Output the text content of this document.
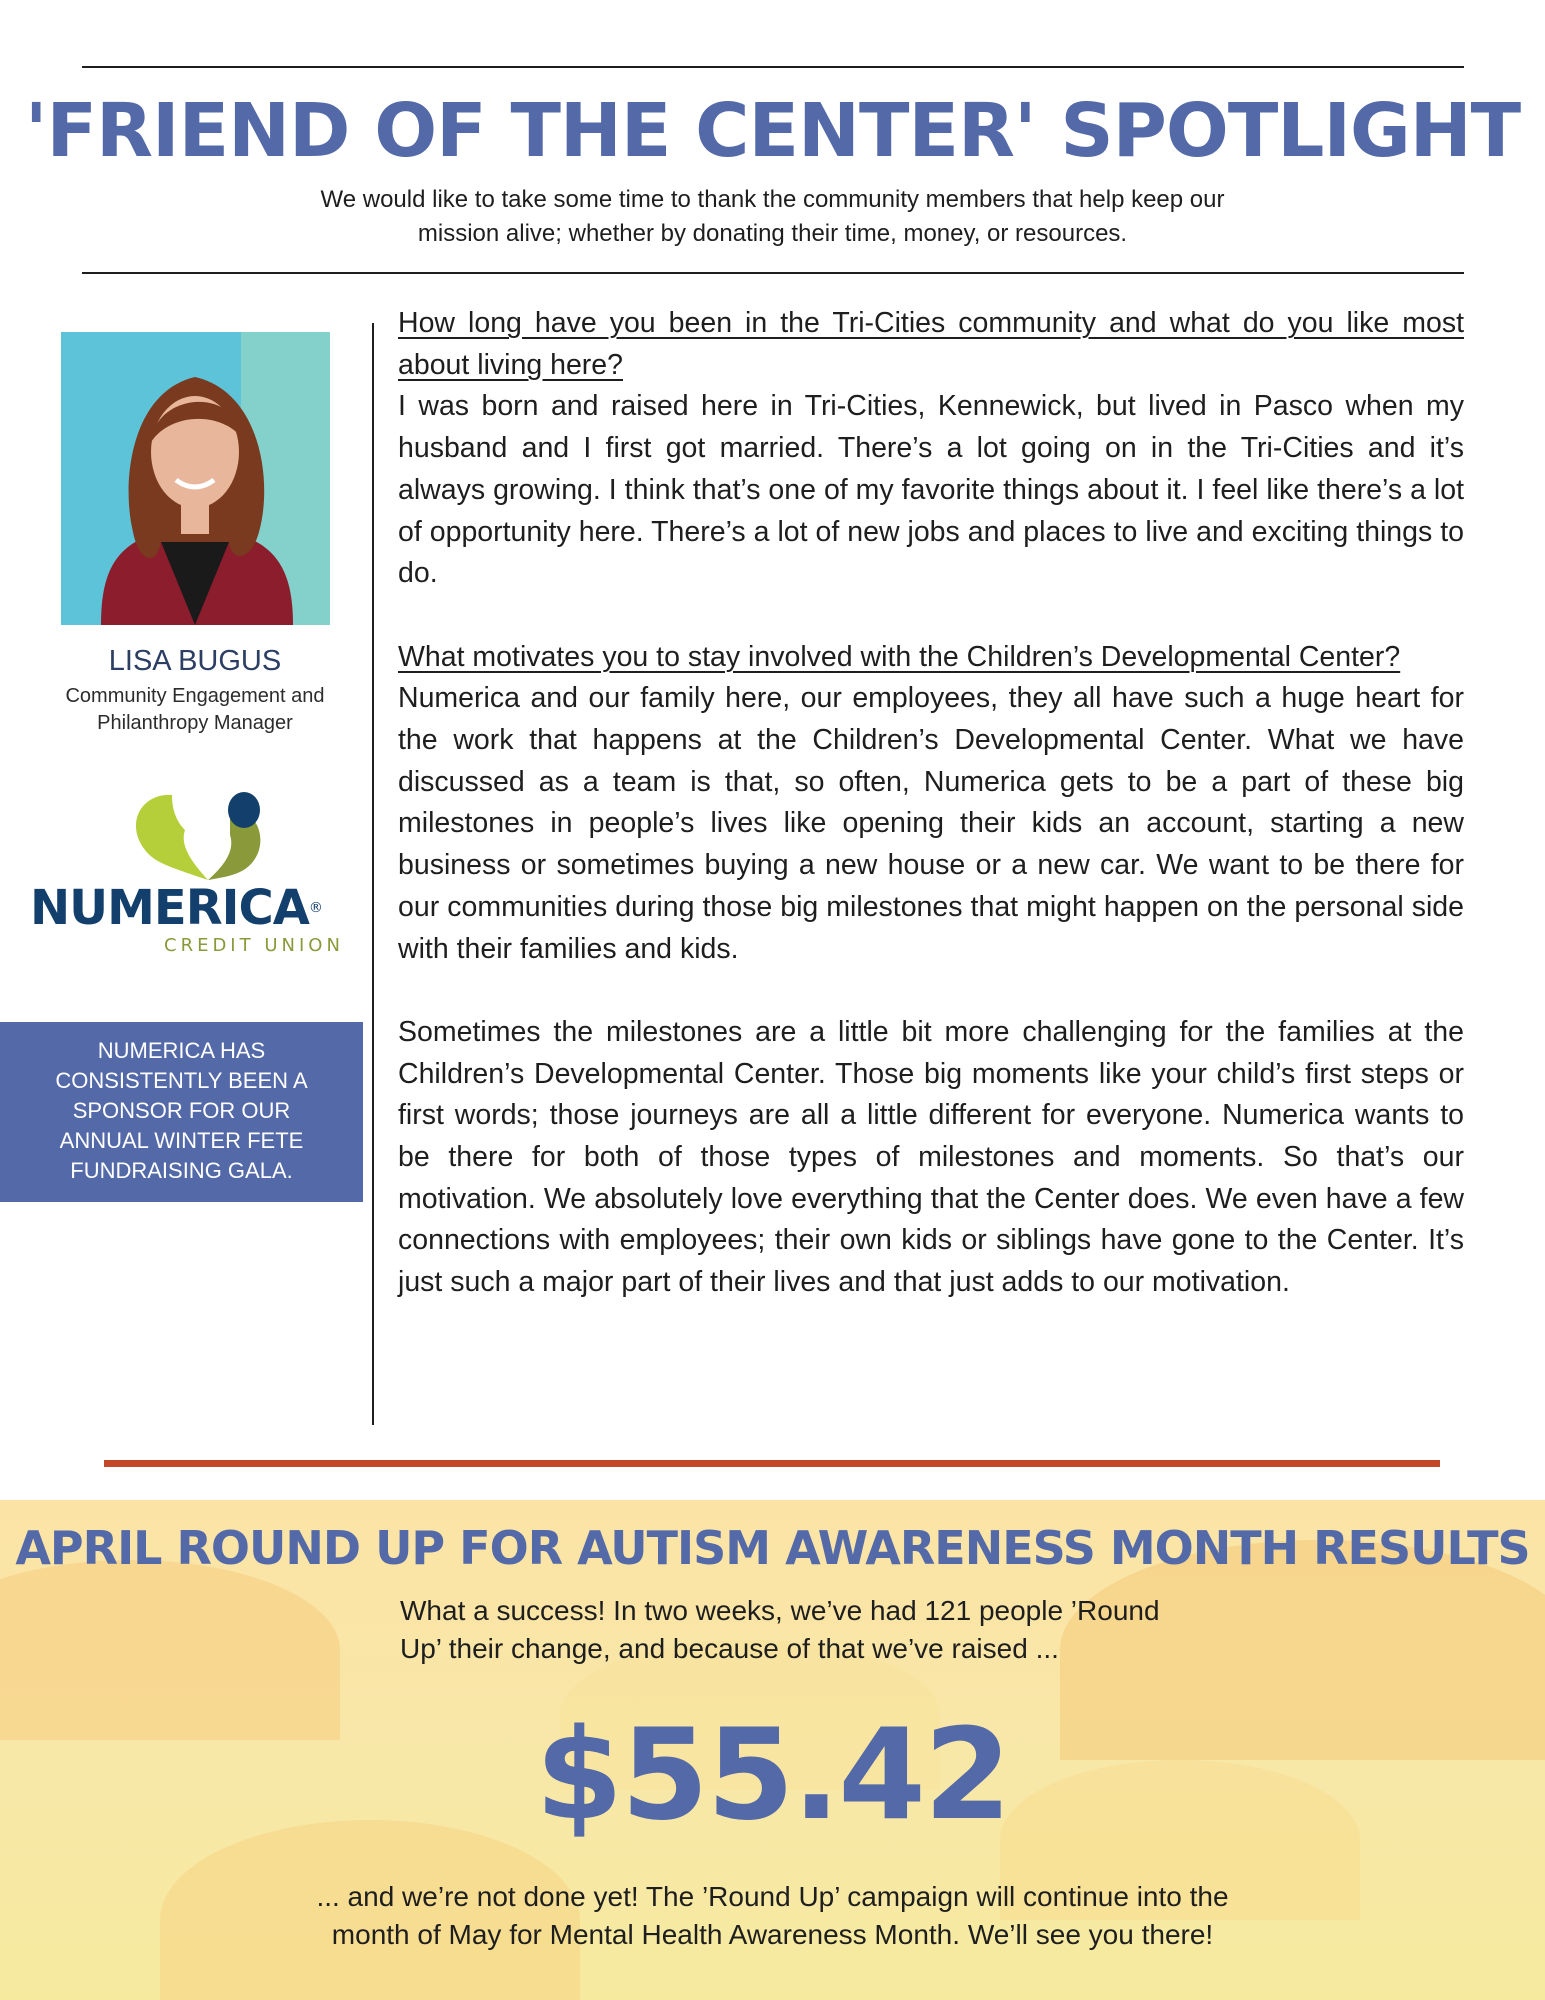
'FRIEND OF THE CENTER' SPOTLIGHT
We would like to take some time to thank the community members that help keep our
mission alive; whether by donating their time, money, or resources.
LISA BUGUS
Community Engagement and
Philanthropy Manager
NUMERICA®
CREDIT UNION
NUMERICA HAS CONSISTENTLY BEEN A SPONSOR FOR OUR ANNUAL WINTER FETE FUNDRAISING GALA.

How long have you been in the Tri-Cities community and what do you like most about living here?

I was born and raised here in Tri-Cities, Kennewick, but lived in Pasco when my husband and I first got married. There’s a lot going on in the Tri-Cities and it’s always growing. I think that’s one of my favorite things about it. I feel like there’s a lot of opportunity here. There’s a lot of new jobs and places to live and exciting things to do.

What motivates you to stay involved with the Children’s Developmental Center?

Numerica and our family here, our employees, they all have such a huge heart for the work that happens at the Children’s Developmental Center. What we have discussed as a team is that, so often, Numerica gets to be a part of these big milestones in people’s lives like opening their kids an account, starting a new business or sometimes buying a new house or a new car. We want to be there for our communities during those big milestones that might happen on the personal side with their families and kids.

Sometimes the milestones are a little bit more challenging for the families at the Children’s Developmental Center. Those big moments like your child’s first steps or first words; those journeys are all a little different for everyone. Numerica wants to be there for both of those types of milestones and moments. So that’s our motivation. We absolutely love everything that the Center does. We even have a few connections with employees; their own kids or siblings have gone to the Center. It’s just such a major part of their lives and that just adds to our motivation.

APRIL ROUND UP FOR AUTISM AWARENESS MONTH RESULTS
What a success! In two weeks, we’ve had 121 people ’Round
Up’ their change, and because of that we’ve raised ...
$55.42
... and we’re not done yet! The ’Round Up’ campaign will continue into the
month of May for Mental Health Awareness Month. We’ll see you there!
